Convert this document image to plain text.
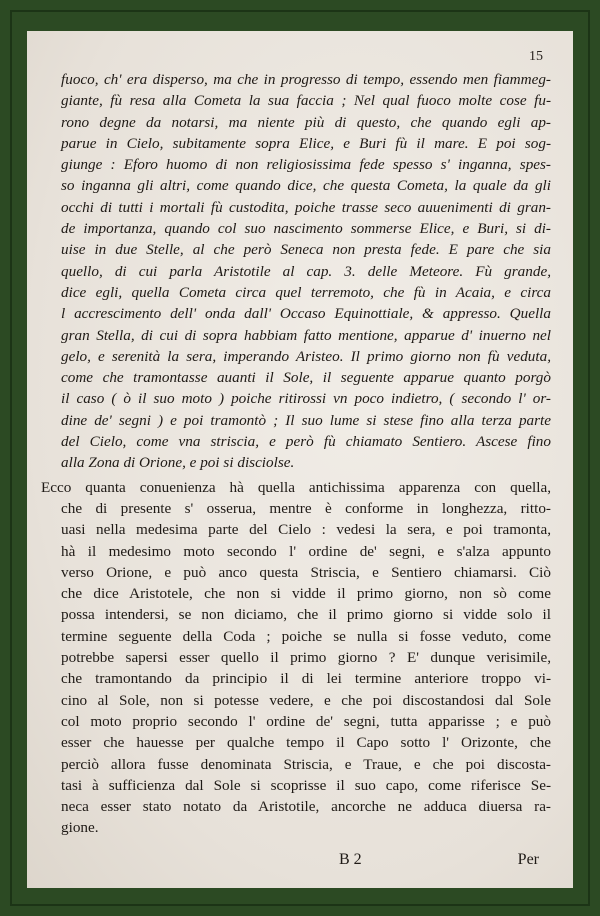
15
fuoco, ch' era disperso, ma che in progresso di tempo, essendo men fiammeg-
giante, fù resa alla Cometa la sua faccia ; Nel qual fuoco molte cose fu-
rono degne da notarsi, ma niente più di questo, che quando egli ap-
parue in Cielo, subitamente sopra Elice, e Buri fù il mare. E poi sog-
giunge : Eforo huomo di non religiosissima fede spesso s' inganna, spes-
so inganna gli altri, come quando dice, che questa Cometa, la quale da gli
occhi di tutti i mortali fù custodita, poiche trasse seco auuenimenti di gran-
de importanza, quando col suo nascimento sommerse Elice, e Buri, si di-
uise in due Stelle, al che però Seneca non presta fede. E pare che sia
quello, di cui parla Aristotile al cap. 3. delle Meteore. Fù grande,
dice egli, quella Cometa circa quel terremoto, che fù in Acaia, e circa
l accrescimento dell' onda dall' Occaso Equinottiale, & appresso. Quella
gran Stella, di cui di sopra habbiam fatto mentione, apparue d' inuerno nel
gelo, e serenità la sera, imperando Aristeo. Il primo giorno non fù veduta,
come che tramontasse auanti il Sole, il seguente apparue quanto porgò
il caso ( ò il suo moto ) poiche ritirossi vn poco indietro, ( secondo l' or-
dine de' segni ) e poi tramontò ; Il suo lume si stese fino alla terza parte
del Cielo, come vna striscia, e però fù chiamato Sentiero. Ascese fino
alla Zona di Orione, e poi si disciolse.
Ecco quanta conuenienza hà quella antichissima apparenza con quella,
che di presente s' osserua, mentre è conforme in longhezza, ritto-
uasi nella medesima parte del Cielo : vedesi la sera, e poi tramonta,
hà il medesimo moto secondo l' ordine de' segni, e s'alza appunto
verso Orione, e può anco questa Striscia, e Sentiero chiamarsi. Ciò
che dice Aristotele, che non si vidde il primo giorno, non sò come
possa intendersi, se non diciamo, che il primo giorno si vidde solo il
termine seguente della Coda ; poiche se nulla si fosse veduto, come
potrebbe sapersi esser quello il primo giorno ? E' dunque verisimile,
che tramontando da principio il di lei termine anteriore troppo vi-
cino al Sole, non si potesse vedere, e che poi discostandosi dal Sole
col moto proprio secondo l' ordine de' segni, tutta apparisse ; e può
esser che hauesse per qualche tempo il Capo sotto l' Orizonte, che
perciò allora fusse denominata Striscia, e Traue, e che poi discosta-
tasi à sufficienza dal Sole si scoprisse il suo capo, come riferisce Se-
neca esser stato notato da Aristotile, ancorche ne adduca diuersa ra-
gione.
B 2	Per
